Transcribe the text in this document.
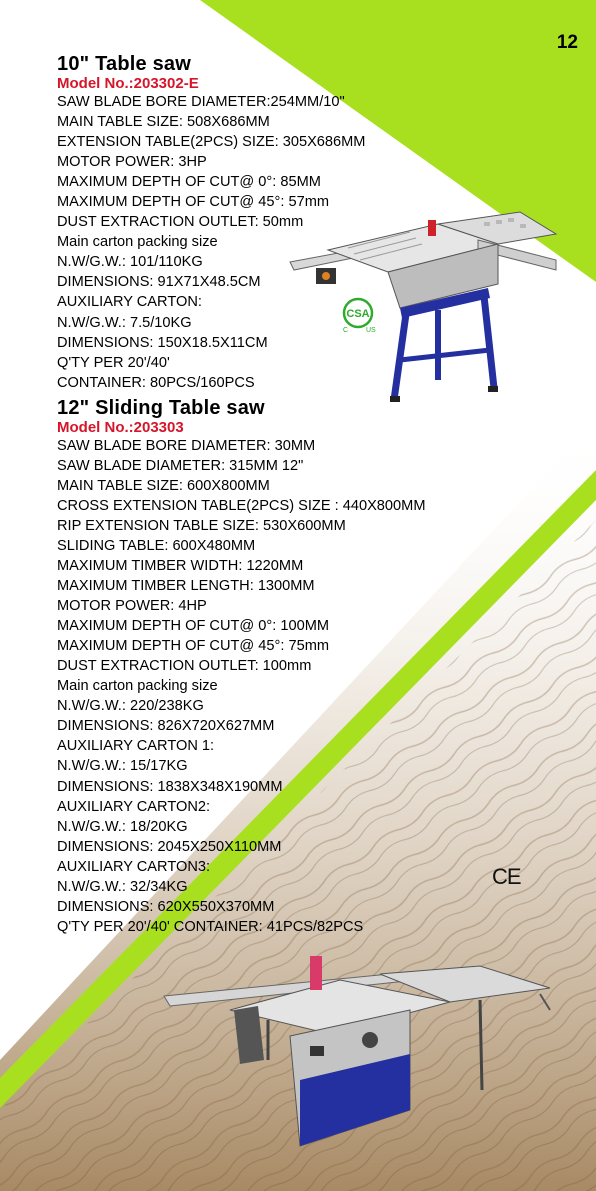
12
CSA
C	US
CE
10" Table saw
Model No.:203302-E
SAW BLADE BORE DIAMETER:254MM/10"
MAIN TABLE SIZE: 508X686MM
EXTENSION TABLE(2PCS) SIZE: 305X686MM
MOTOR POWER: 3HP
MAXIMUM DEPTH OF CUT@ 0°: 85MM
MAXIMUM DEPTH OF CUT@ 45°: 57mm
DUST EXTRACTION OUTLET: 50mm
Main carton packing size
N.W/G.W.: 101/110KG
DIMENSIONS: 91X71X48.5CM
AUXILIARY CARTON:
N.W/G.W.: 7.5/10KG
DIMENSIONS: 150X18.5X11CM
Q'TY PER 20'/40'
CONTAINER: 80PCS/160PCS
12" Sliding Table saw
Model No.:203303
SAW BLADE BORE DIAMETER: 30MM
SAW BLADE DIAMETER: 315MM 12"
MAIN TABLE SIZE: 600X800MM
CROSS EXTENSION TABLE(2PCS) SIZE : 440X800MM
RIP EXTENSION TABLE SIZE: 530X600MM
SLIDING TABLE: 600X480MM
MAXIMUM TIMBER WIDTH: 1220MM
MAXIMUM TIMBER LENGTH: 1300MM
MOTOR POWER: 4HP
MAXIMUM DEPTH OF CUT@ 0°: 100MM
MAXIMUM DEPTH OF CUT@ 45°: 75mm
DUST EXTRACTION OUTLET: 100mm
Main carton packing size
N.W/G.W.: 220/238KG
DIMENSIONS: 826X720X627MM
AUXILIARY CARTON 1:
N.W/G.W.: 15/17KG
DIMENSIONS: 1838X348X190MM
AUXILIARY CARTON2:
N.W/G.W.: 18/20KG
DIMENSIONS: 2045X250X110MM
AUXILIARY CARTON3:
N.W/G.W.: 32/34KG
DIMENSIONS: 620X550X370MM
Q'TY PER 20'/40' CONTAINER: 41PCS/82PCS
